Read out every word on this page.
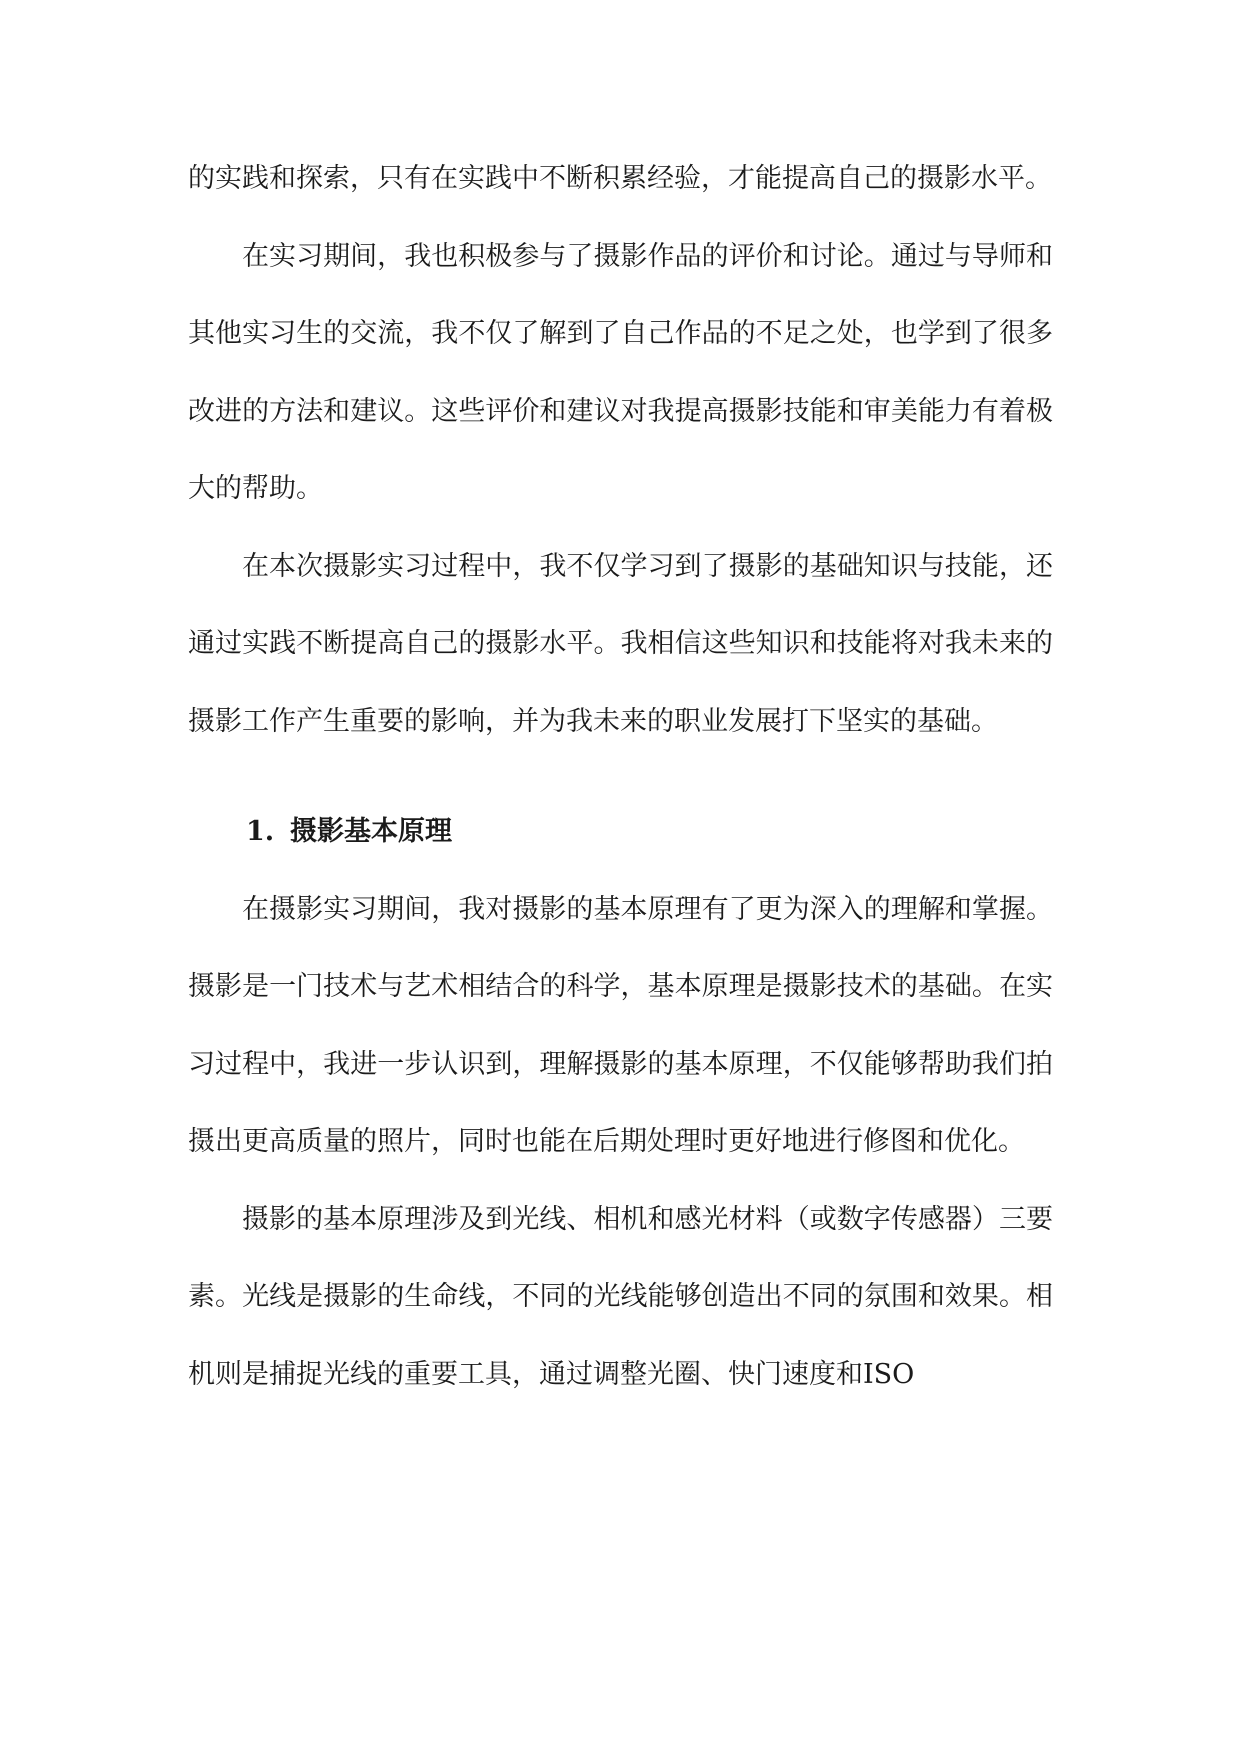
的实践和探索，只有在实践中不断积累经验，才能提高自己的摄影水平。

在实习期间，我也积极参与了摄影作品的评价和讨论。通过与导师和其他实习生的交流，我不仅了解到了自己作品的不足之处，也学到了很多改进的方法和建议。这些评价和建议对我提高摄影技能和审美能力有着极大的帮助。

在本次摄影实习过程中，我不仅学习到了摄影的基础知识与技能，还通过实践不断提高自己的摄影水平。我相信这些知识和技能将对我未来的摄影工作产生重要的影响，并为我未来的职业发展打下坚实的基础。

1. 摄影基本原理

在摄影实习期间，我对摄影的基本原理有了更为深入的理解和掌握。摄影是一门技术与艺术相结合的科学，基本原理是摄影技术的基础。在实习过程中，我进一步认识到，理解摄影的基本原理，不仅能够帮助我们拍摄出更高质量的照片，同时也能在后期处理时更好地进行修图和优化。

摄影的基本原理涉及到光线、相机和感光材料（或数字传感器）三要素。光线是摄影的生命线，不同的光线能够创造出不同的氛围和效果。相机则是捕捉光线的重要工具，通过调整光圈、快门速度和ISO
